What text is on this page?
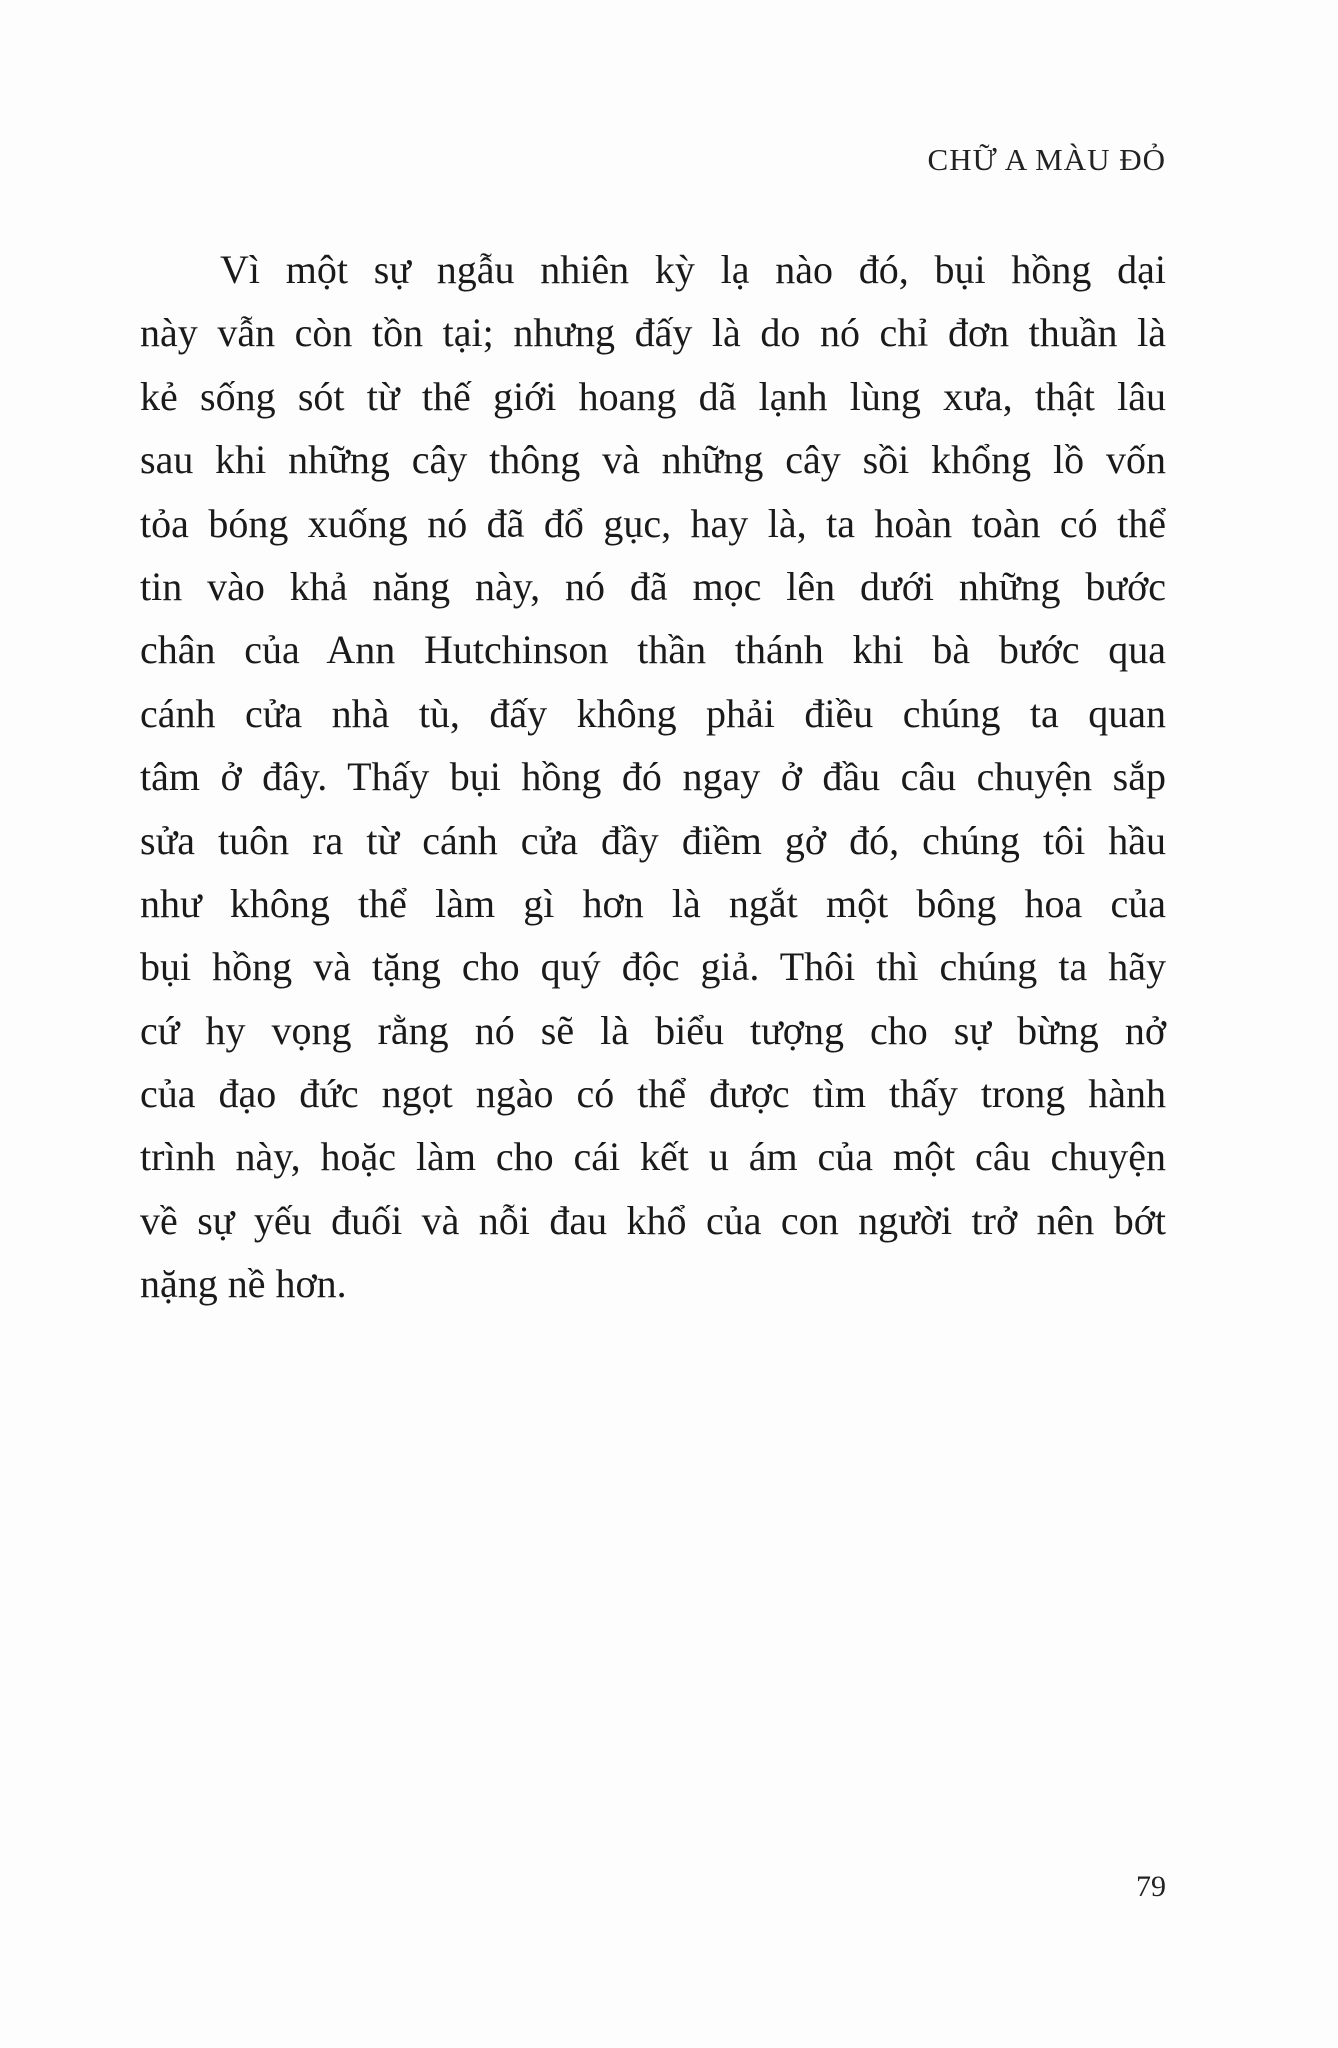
CHỮ A MÀU ĐỎ
Vì một sự ngẫu nhiên kỳ lạ nào đó, bụi hồng dại
này vẫn còn tồn tại; nhưng đấy là do nó chỉ đơn thuần là
kẻ sống sót từ thế giới hoang dã lạnh lùng xưa, thật lâu
sau khi những cây thông và những cây sồi khổng lồ vốn
tỏa bóng xuống nó đã đổ gục, hay là, ta hoàn toàn có thể
tin vào khả năng này, nó đã mọc lên dưới những bước
chân của Ann Hutchinson thần thánh khi bà bước qua
cánh cửa nhà tù, đấy không phải điều chúng ta quan
tâm ở đây. Thấy bụi hồng đó ngay ở đầu câu chuyện sắp
sửa tuôn ra từ cánh cửa đầy điềm gở đó, chúng tôi hầu
như không thể làm gì hơn là ngắt một bông hoa của
bụi hồng và tặng cho quý độc giả. Thôi thì chúng ta hãy
cứ hy vọng rằng nó sẽ là biểu tượng cho sự bừng nở
của đạo đức ngọt ngào có thể được tìm thấy trong hành
trình này, hoặc làm cho cái kết u ám của một câu chuyện
về sự yếu đuối và nỗi đau khổ của con người trở nên bớt
nặng nề hơn.
79
